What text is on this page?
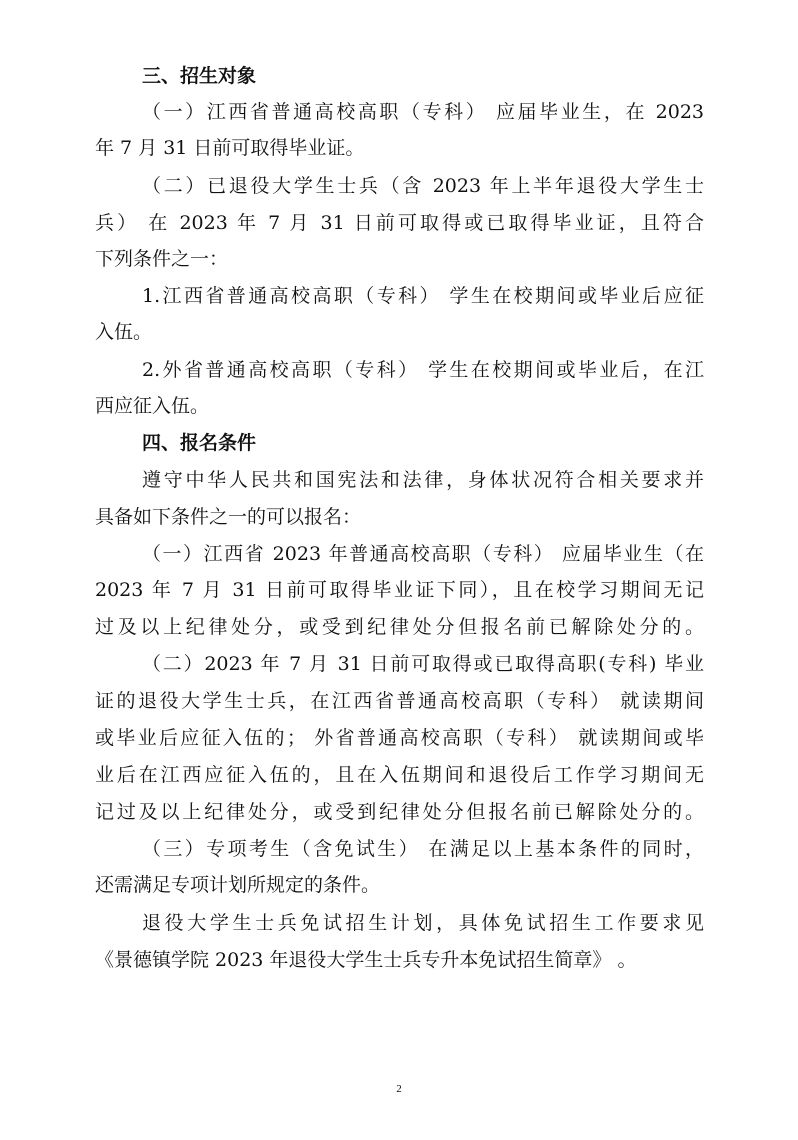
三、招生对象
（一）江西省普通高校高职（专科） 应届毕业生，在 2023
年 7 月 31 日前可取得毕业证。
（二）已退役大学生士兵（含 2023 年上半年退役大学生士
兵） 在 2023 年 7 月 31 日前可取得或已取得毕业证，且符合
下列条件之一：
1.江西省普通高校高职（专科） 学生在校期间或毕业后应征
入伍。
2.外省普通高校高职（专科） 学生在校期间或毕业后，在江
西应征入伍。
四、报名条件
遵守中华人民共和国宪法和法律，身体状况符合相关要求并
具备如下条件之一的可以报名：
（一）江西省 2023 年普通高校高职（专科） 应届毕业生（在
2023 年 7 月 31 日前可取得毕业证下同），且在校学习期间无记
过及以上纪律处分，或受到纪律处分但报名前已解除处分的。
（二）2023 年 7 月 31 日前可取得或已取得高职(专科) 毕业
证的退役大学生士兵，在江西省普通高校高职（专科） 就读期间
或毕业后应征入伍的； 外省普通高校高职（专科） 就读期间或毕
业后在江西应征入伍的，且在入伍期间和退役后工作学习期间无
记过及以上纪律处分，或受到纪律处分但报名前已解除处分的。
（三）专项考生（含免试生） 在满足以上基本条件的同时，
还需满足专项计划所规定的条件。
退役大学生士兵免试招生计划，具体免试招生工作要求见
《景德镇学院 2023 年退役大学生士兵专升本免试招生简章》 。
2
